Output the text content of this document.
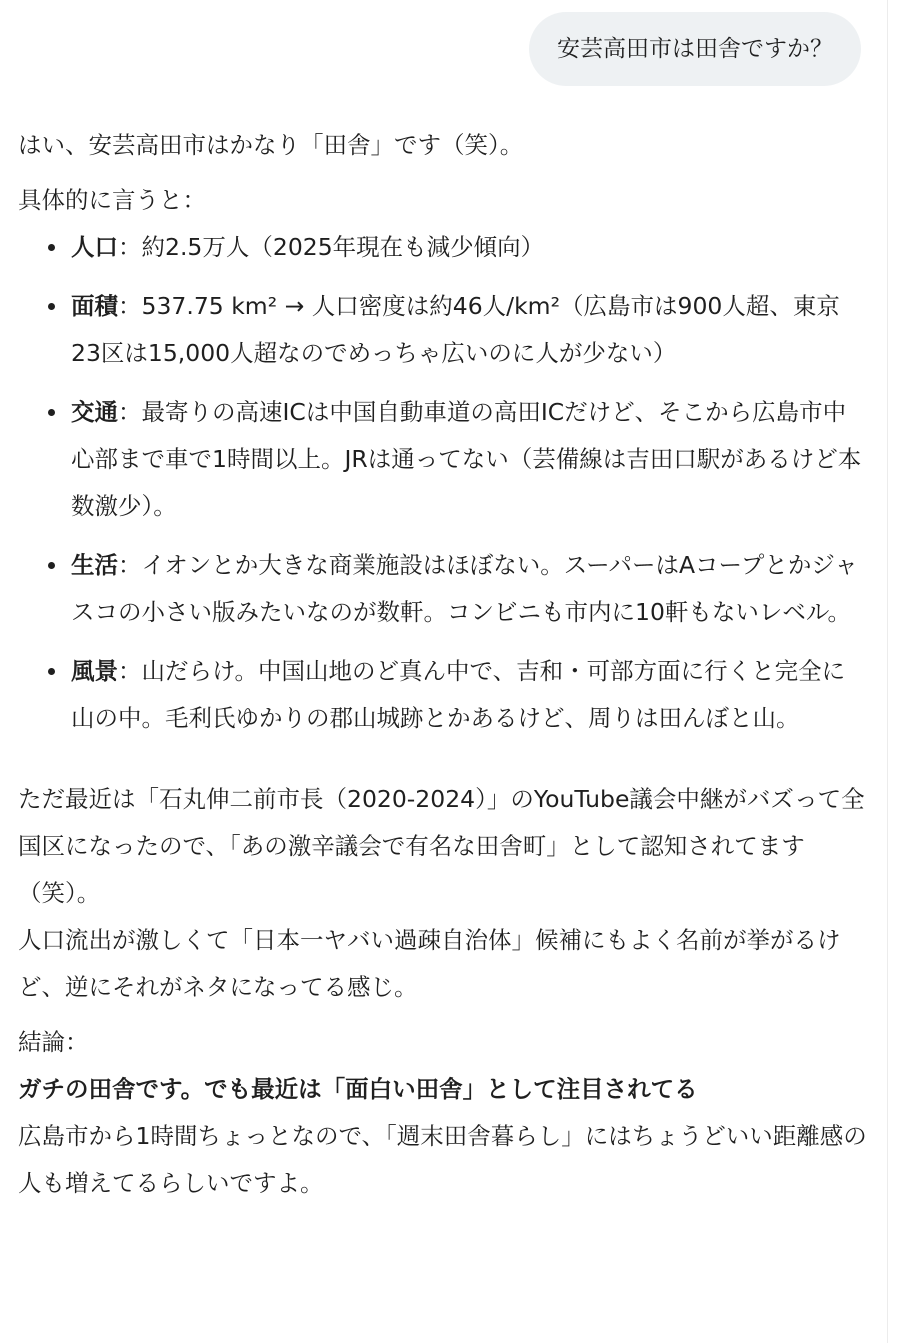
安芸高田市は田舎ですか？

はい、安芸高田市はかなり「田舎」です（笑）。

具体的に言うと：

人口：約2.5万人（2025年現在も減少傾向）
面積：537.75 km² → 人口密度は約46人/km²（広島市は900人超、東京23区は15,000人超なのでめっちゃ広いのに人が少ない）
交通：最寄りの高速ICは中国自動車道の高田ICだけど、そこから広島市中心部まで車で1時間以上。JRは通ってない（芸備線は吉田口駅があるけど本数激少）。
生活：イオンとか大きな商業施設はほぼない。スーパーはAコープとかジャスコの小さい版みたいなのが数軒。コンビニも市内に10軒もないレベル。
風景：山だらけ。中国山地のど真ん中で、吉和・可部方面に行くと完全に山の中。毛利氏ゆかりの郡山城跡とかあるけど、周りは田んぼと山。

ただ最近は「石丸伸二前市長（2020-2024）」のYouTube議会中継がバズって全国区になったので、「あの激辛議会で有名な田舎町」として認知されてます（笑）。

人口流出が激しくて「日本一ヤバい過疎自治体」候補にもよく名前が挙がるけど、逆にそれがネタになってる感じ。

結論：

ガチの田舎です。でも最近は「面白い田舎」として注目されてる

広島市から1時間ちょっとなので、「週末田舎暮らし」にはちょうどいい距離感の人も増えてるらしいですよ。
